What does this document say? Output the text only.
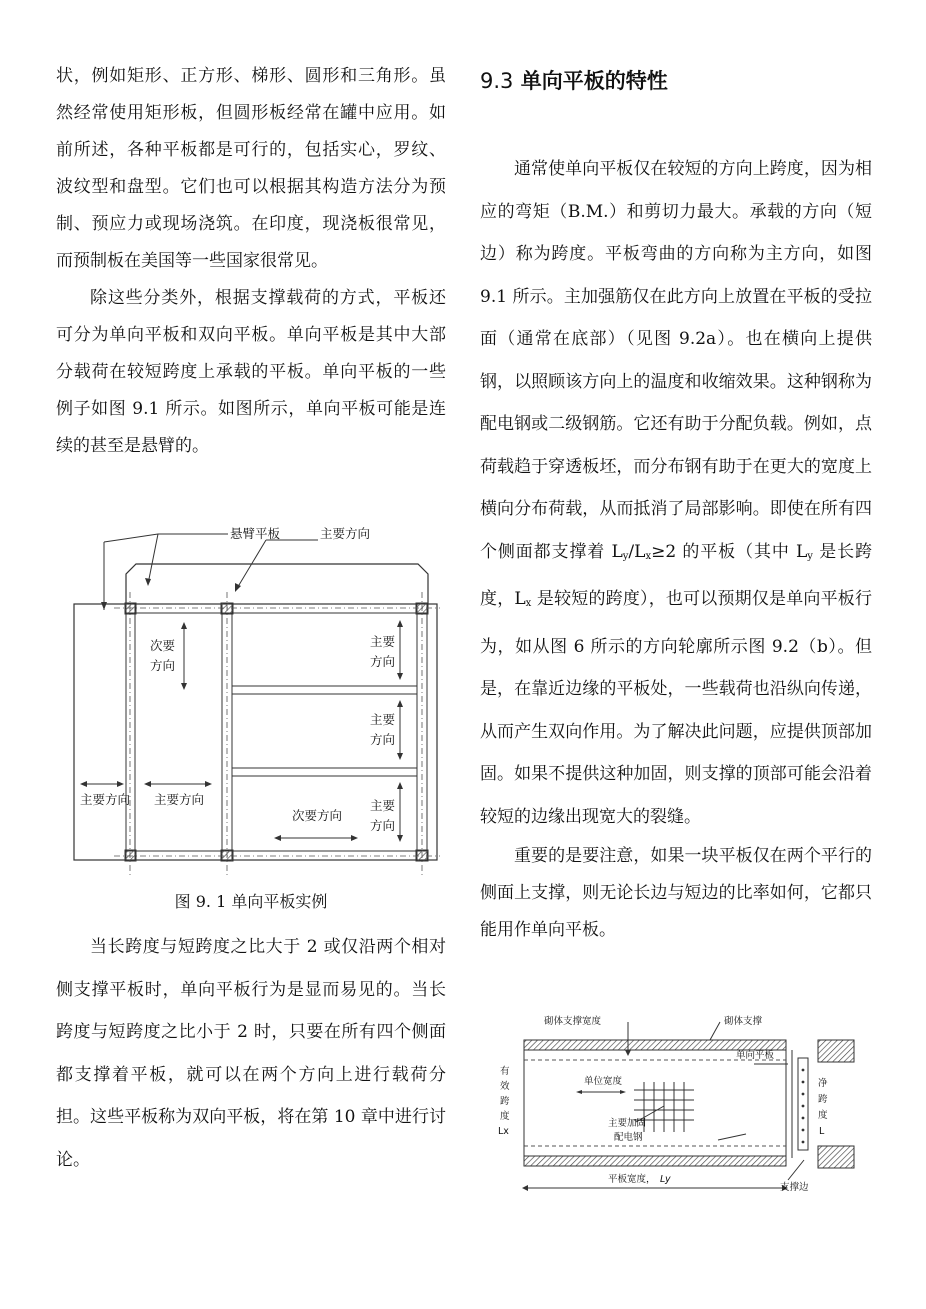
状，例如矩形、正方形、梯形、圆形和三角形。虽然经常使用矩形板，但圆形板经常在罐中应用。如前所述，各种平板都是可行的，包括实心，罗纹、波纹型和盘型。它们也可以根据其构造方法分为预制、预应力或现场浇筑。在印度，现浇板很常见，而预制板在美国等一些国家很常见。

除这些分类外，根据支撑载荷的方式，平板还可分为单向平板和双向平板。单向平板是其中大部分载荷在较短跨度上承载的平板。单向平板的一些例子如图 9.1 所示。如图所示，单向平板可能是连续的甚至是悬臂的。

悬臂平板	主要方向
次要
方向
主要
方向
主要
方向
主要
方向
主要方向 主要方向
次要方向
图 9. 1 单向平板实例

当长跨度与短跨度之比大于 2 或仅沿两个相对侧支撑平板时，单向平板行为是显而易见的。当长跨度与短跨度之比小于 2 时，只要在所有四个侧面都支撑着平板，就可以在两个方向上进行载荷分担。这些平板称为双向平板，将在第 10 章中进行讨论。

9.3 单向平板的特性

通常使单向平板仅在较短的方向上跨度，因为相应的弯矩（B.M.）和剪切力最大。承载的方向（短边）称为跨度。平板弯曲的方向称为主方向，如图 9.1 所示。主加强筋仅在此方向上放置在平板的受拉面（通常在底部）（见图 9.2a）。也在横向上提供钢，以照顾该方向上的温度和收缩效果。这种钢称为配电钢或二级钢筋。它还有助于分配负载。例如，点荷载趋于穿透板坯，而分布钢有助于在更大的宽度上横向分布荷载，从而抵消了局部影响。即使在所有四个侧面都支撑着 $L_y/L_x\ge 2$ 的平板（其中 $L_y$ 是长跨度，$L_x$ 是较短的跨度），也可以预期仅是单向平板行为，如从图 6 所示的方向轮廓所示图 9.2（b）。但是，在靠近边缘的平板处，一些载荷也沿纵向传递，从而产生双向作用。为了解决此问题，应提供顶部加固。如果不提供这种加固，则支撑的顶部可能会沿着较短的边缘出现宽大的裂缝。

重要的是要注意，如果一块平板仅在两个平行的侧面上支撑，则无论长边与短边的比率如何，它都只能用作单向平板。

砌体支撑宽度	砌体支撑
单向平板
单位宽度
主要加固
配电钢
有
效
跨
度
Lx
净
跨
度
L
平板宽度， Ly
支撑边
